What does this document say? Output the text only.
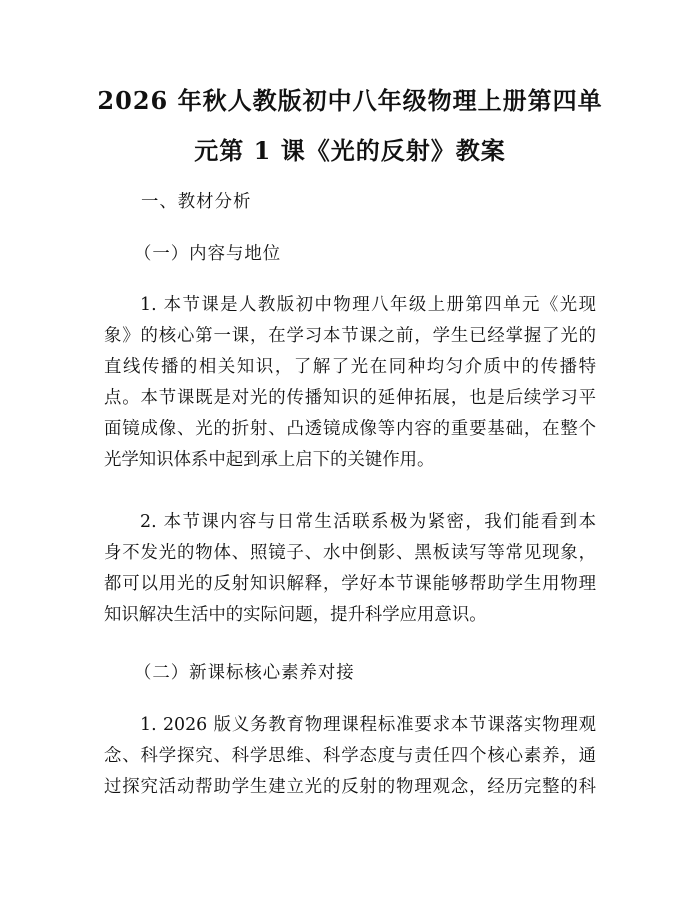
2026 年秋人教版初中八年级物理上册第四单
元第 1 课《光的反射》教案
一、教材分析
（一）内容与地位
1. 本节课是人教版初中物理八年级上册第四单元《光现
象》的核心第一课，在学习本节课之前，学生已经掌握了光的
直线传播的相关知识，了解了光在同种均匀介质中的传播特
点。本节课既是对光的传播知识的延伸拓展，也是后续学习平
面镜成像、光的折射、凸透镜成像等内容的重要基础，在整个
光学知识体系中起到承上启下的关键作用。
2. 本节课内容与日常生活联系极为紧密，我们能看到本
身不发光的物体、照镜子、水中倒影、黑板读写等常见现象，
都可以用光的反射知识解释，学好本节课能够帮助学生用物理
知识解决生活中的实际问题，提升科学应用意识。
（二）新课标核心素养对接
1. 2026 版义务教育物理课程标准要求本节课落实物理观
念、科学探究、科学思维、科学态度与责任四个核心素养，通
过探究活动帮助学生建立光的反射的物理观念，经历完整的科
